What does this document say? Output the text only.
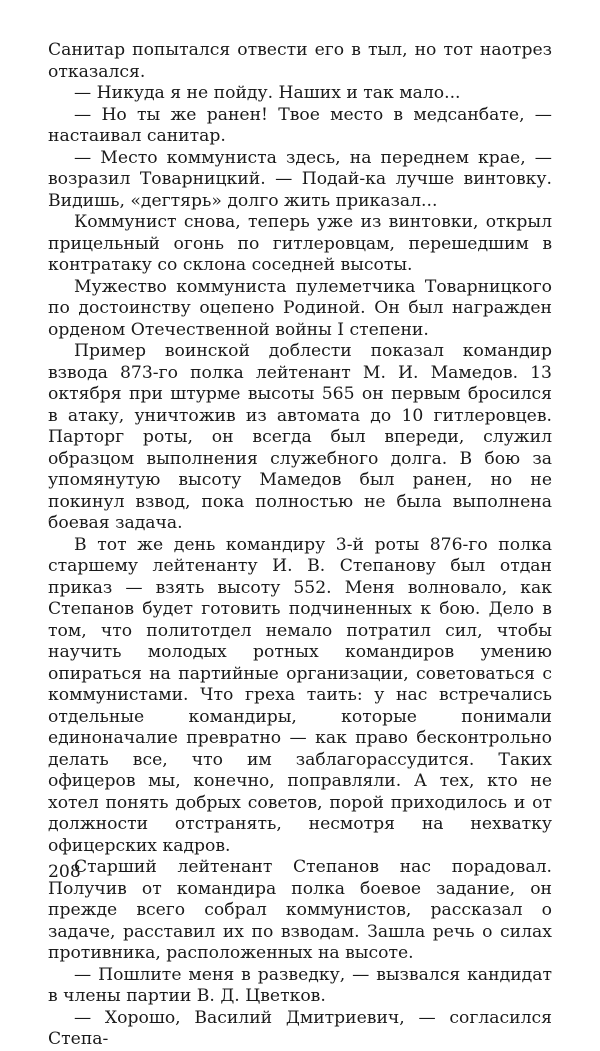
Санитар попытался отвести его в тыл, но тот наотрез отказался.

— Никуда я не пойду. Наших и так мало...

— Но ты же ранен! Твое место в медсанбате, — настаивал санитар.

— Место коммуниста здесь, на переднем крае, — возразил Товарницкий. — Подай-ка лучше винтовку. Видишь, «дегтярь» долго жить приказал...

Коммунист снова, теперь уже из винтовки, открыл прицельный огонь по гитлеровцам, перешедшим в контратаку со склона соседней высоты.

Мужество коммуниста пулеметчика Товарницкого по достоинству оцепено Родиной. Он был награжден орденом Отечественной войны I степени.

Пример воинской доблести показал командир взвода 873-го полка лейтенант М. И. Мамедов. 13 октября при штурме высоты 565 он первым бросился в атаку, уничтожив из автомата до 10 гитлеровцев. Парторг роты, он всегда был впереди, служил образцом выполнения служебного долга. В бою за упомянутую высоту Мамедов был ранен, но не покинул взвод, пока полностью не была выполнена боевая задача.

В тот же день командиру 3-й роты 876-го полка старшему лейтенанту И. В. Степанову был отдан приказ — взять высоту 552. Меня волновало, как Степанов будет готовить подчиненных к бою. Дело в том, что политотдел немало потратил сил, чтобы научить молодых ротных командиров умению опираться на партийные организации, советоваться с коммунистами. Что греха таить: у нас встречались отдельные командиры, которые понимали единоначалие превратно — как право бесконтрольно делать все, что им заблагорассудится. Таких офицеров мы, конечно, поправляли. А тех, кто не хотел понять добрых советов, порой приходилось и от должности отстранять, несмотря на нехватку офицерских кадров.

Старший лейтенант Степанов нас порадовал. Получив от командира полка боевое задание, он прежде всего собрал коммунистов, рассказал о задаче, расставил их по взводам. Зашла речь о силах противника, расположенных на высоте.

— Пошлите меня в разведку, — вызвался кандидат в члены партии В. Д. Цветков.

— Хорошо, Василий Дмитриевич, — согласился Степа-

208
